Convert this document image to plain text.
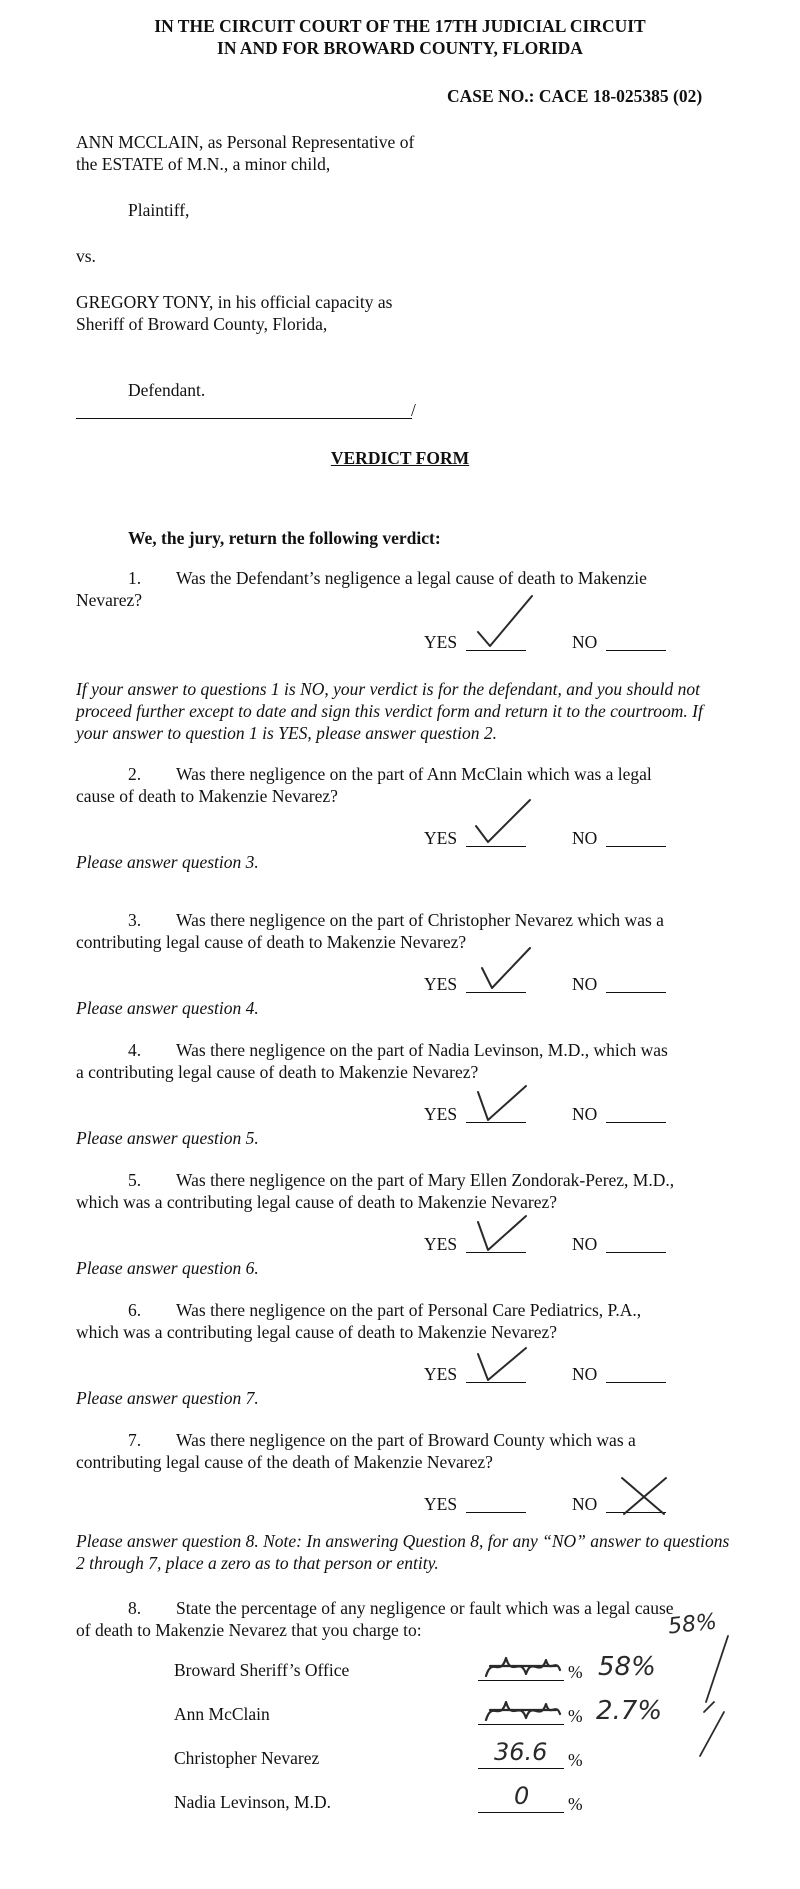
IN THE CIRCUIT COURT OF THE 17TH JUDICIAL CIRCUIT
IN AND FOR BROWARD COUNTY, FLORIDA
CASE NO.: CACE 18-025385 (02)
ANN MCCLAIN, as Personal Representative of
the ESTATE of M.N., a minor child,
Plaintiff,
vs.
GREGORY TONY, in his official capacity as
Sheriff of Broward County, Florida,
Defendant.
/
VERDICT FORM
We, the jury, return the following verdict:
1. Was the Defendant’s negligence a legal cause of death to Makenzie
Nevarez?
YES	NO
If your answer to questions 1 is NO, your verdict is for the defendant, and you should not proceed further except to date and sign this verdict form and return it to the courtroom. If your answer to question 1 is YES, please answer question 2.
2. Was there negligence on the part of Ann McClain which was a legal
cause of death to Makenzie Nevarez?
YES	NO
Please answer question 3.
3. Was there negligence on the part of Christopher Nevarez which was a
contributing legal cause of death to Makenzie Nevarez?
YES	NO
Please answer question 4.
4. Was there negligence on the part of Nadia Levinson, M.D., which was
a contributing legal cause of death to Makenzie Nevarez?
YES	NO
Please answer question 5.
5. Was there negligence on the part of Mary Ellen Zondorak-Perez, M.D.,
which was a contributing legal cause of death to Makenzie Nevarez?
YES	NO
Please answer question 6.
6. Was there negligence on the part of Personal Care Pediatrics, P.A.,
which was a contributing legal cause of death to Makenzie Nevarez?
YES	NO
Please answer question 7.
7. Was there negligence on the part of Broward County which was a
contributing legal cause of the death of Makenzie Nevarez?
YES	NO
Please answer question 8. Note: In answering Question 8, for any “NO” answer to questions 2 through 7, place a zero as to that person or entity.
8. State the percentage of any negligence or fault which was a legal cause
of death to Makenzie Nevarez that you charge to:	58%
Broward Sheriff’s Office	% 58%
Ann McClain	% 2.7%
Christopher Nevarez	36.6 %
Nadia Levinson, M.D.	0 %
